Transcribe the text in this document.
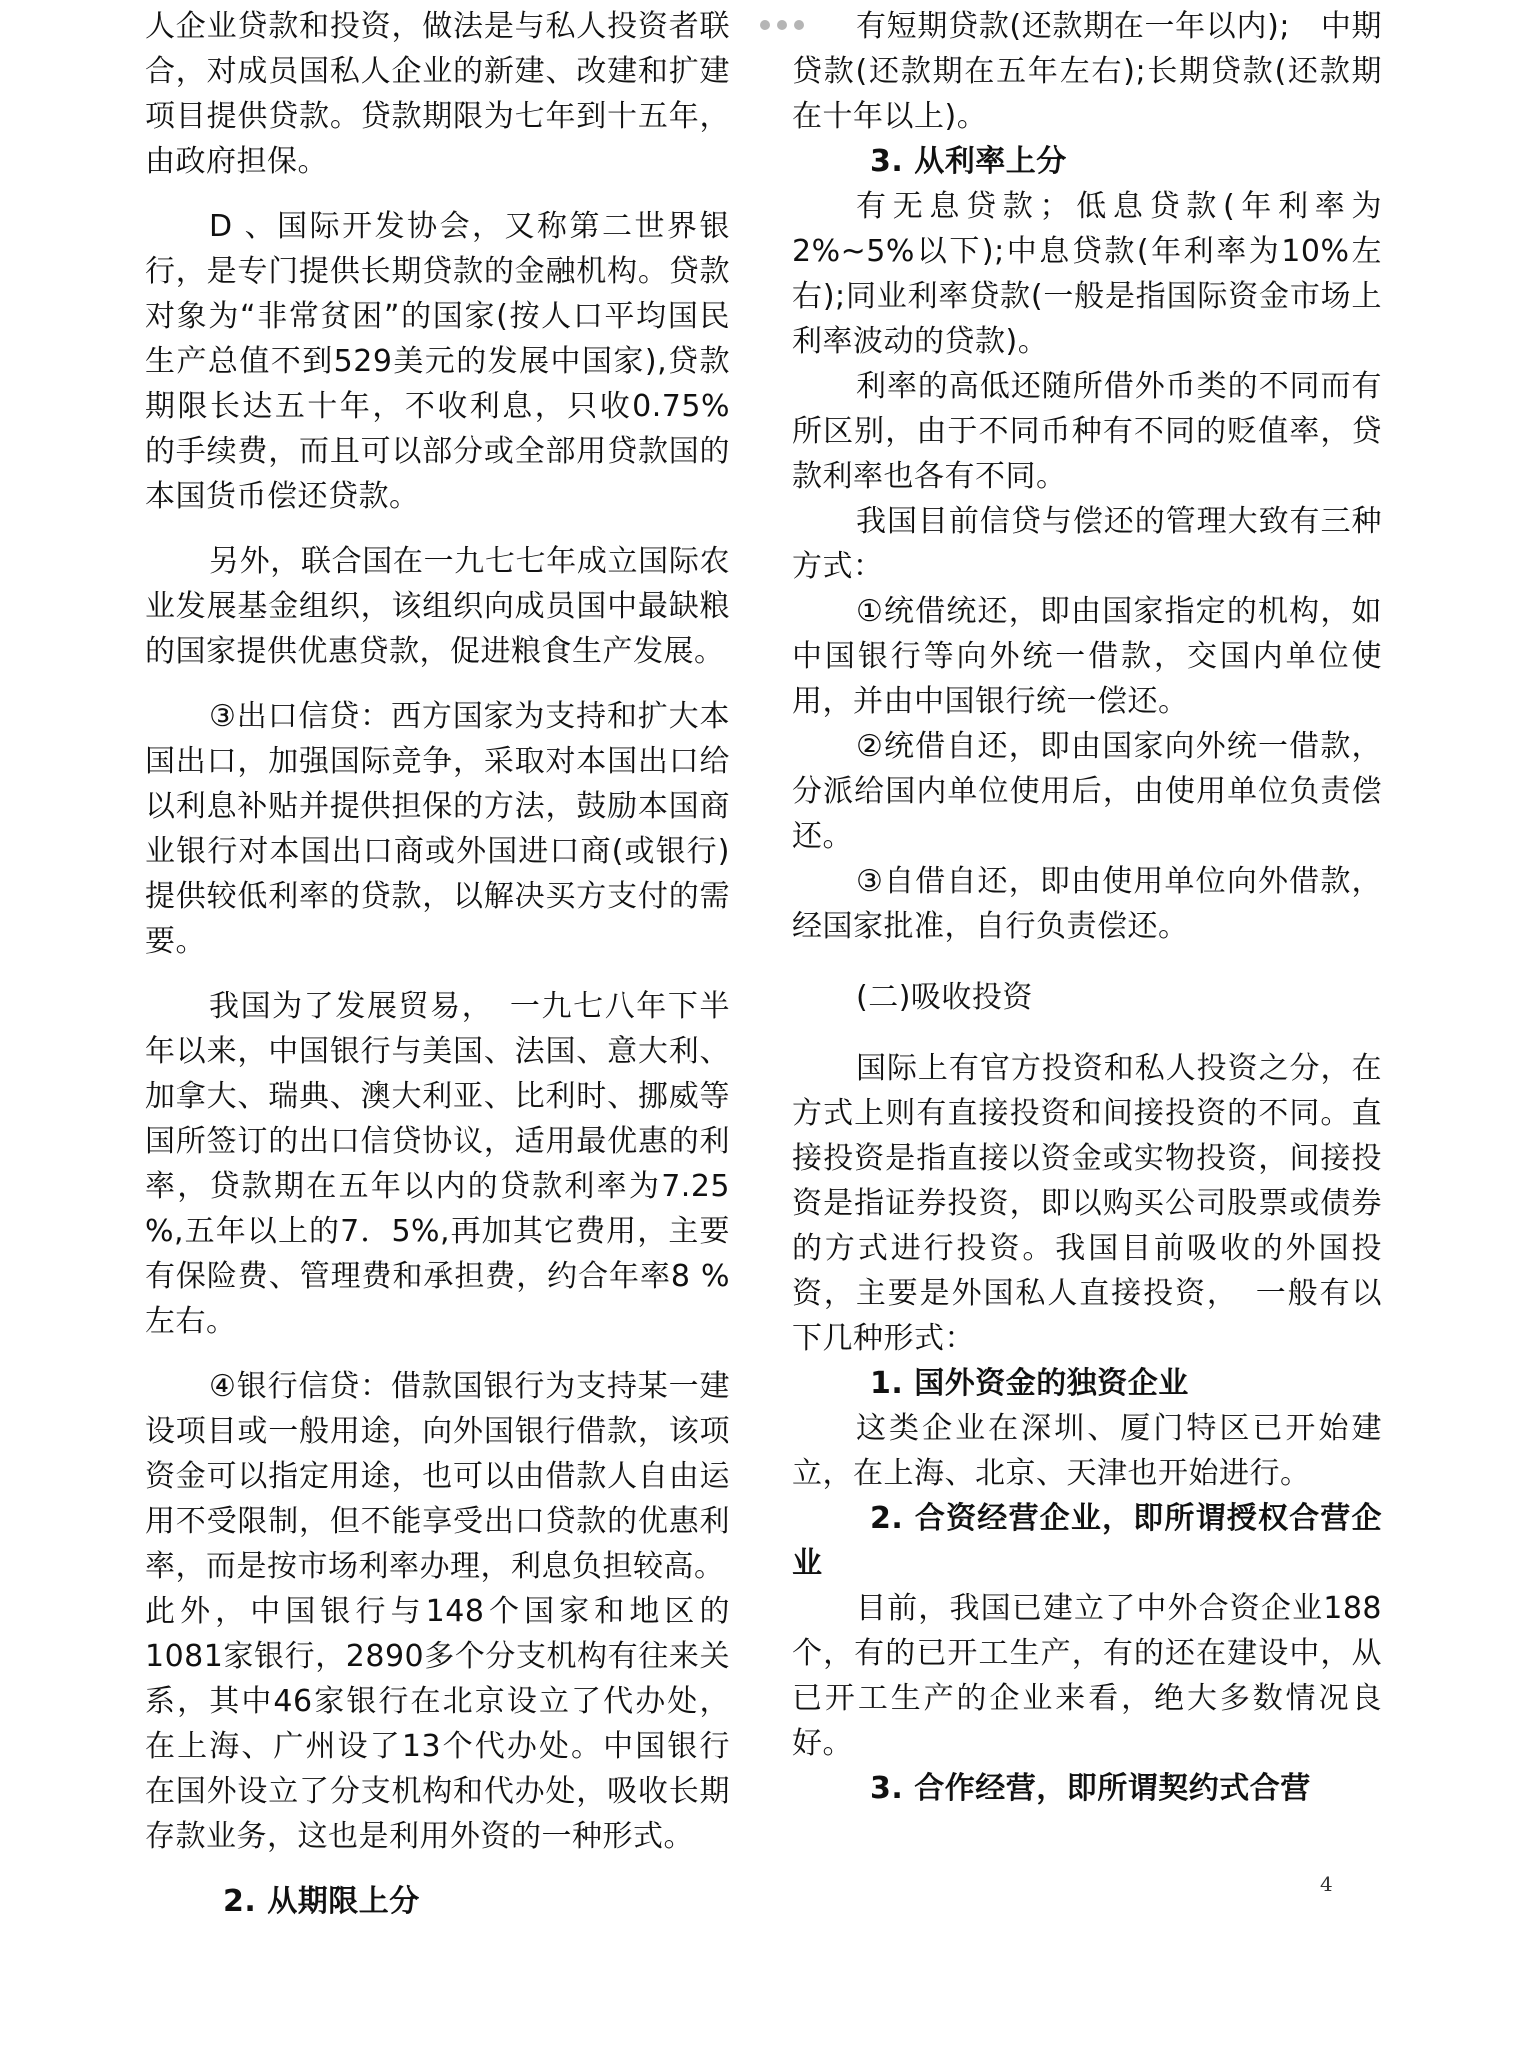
人企业贷款和投资，做法是与私人投资者联合，对成员国私人企业的新建、改建和扩建项目提供贷款。贷款期限为七年到十五年，由政府担保。

D 、国际开发协会，又称第二世界银行，是专门提供长期贷款的金融机构。贷款对象为“非常贫困”的国家(按人口平均国民生产总值不到529美元的发展中国家),贷款期限长达五十年，不收利息，只收0.75%的手续费，而且可以部分或全部用贷款国的本国货币偿还贷款。

另外，联合国在一九七七年成立国际农业发展基金组织，该组织向成员国中最缺粮的国家提供优惠贷款，促进粮食生产发展。

③出口信贷：西方国家为支持和扩大本国出口，加强国际竞争，采取对本国出口给以利息补贴并提供担保的方法，鼓励本国商业银行对本国出口商或外国进口商(或银行)提供较低利率的贷款，以解决买方支付的需要。

我国为了发展贸易，　一九七八年下半年以来，中国银行与美国、法国、意大利、加拿大、瑞典、澳大利亚、比利时、挪威等国所签订的出口信贷协议，适用最优惠的利率，贷款期在五年以内的贷款利率为7.25 %,五年以上的7．5%,再加其它费用，主要有保险费、管理费和承担费，约合年率8 %左右。

④银行信贷：借款国银行为支持某一建设项目或一般用途，向外国银行借款，该项资金可以指定用途，也可以由借款人自由运用不受限制，但不能享受出口贷款的优惠利率，而是按市场利率办理，利息负担较高。

此外，中国银行与148个国家和地区的1081家银行，2890多个分支机构有往来关系，其中46家银行在北京设立了代办处，在上海、广州设了13个代办处。中国银行在国外设立了分支机构和代办处，吸收长期存款业务，这也是利用外资的一种形式。

2. 从期限上分

有短期贷款(还款期在一年以内);　中期贷款(还款期在五年左右);长期贷款(还款期在十年以上)。

3. 从利率上分

有无息贷款；低息贷款(年利率为2%~5%以下);中息贷款(年利率为10%左右);同业利率贷款(一般是指国际资金市场上利率波动的贷款)。

利率的高低还随所借外币类的不同而有所区别，由于不同币种有不同的贬值率，贷款利率也各有不同。

我国目前信贷与偿还的管理大致有三种方式：

①统借统还，即由国家指定的机构，如中国银行等向外统一借款，交国内单位使用，并由中国银行统一偿还。

②统借自还，即由国家向外统一借款，分派给国内单位使用后，由使用单位负责偿还。

③自借自还，即由使用单位向外借款，经国家批准，自行负责偿还。

(二)吸收投资

国际上有官方投资和私人投资之分，在方式上则有直接投资和间接投资的不同。直接投资是指直接以资金或实物投资，间接投资是指证券投资，即以购买公司股票或债券的方式进行投资。我国目前吸收的外国投资，主要是外国私人直接投资，　一般有以下几种形式：

1. 国外资金的独资企业

这类企业在深圳、厦门特区已开始建立，在上海、北京、天津也开始进行。

2. 合资经营企业，即所谓授权合营企业

目前，我国已建立了中外合资企业188个，有的已开工生产，有的还在建设中，从已开工生产的企业来看，绝大多数情况良好。

3. 合作经营，即所谓契约式合营

4
